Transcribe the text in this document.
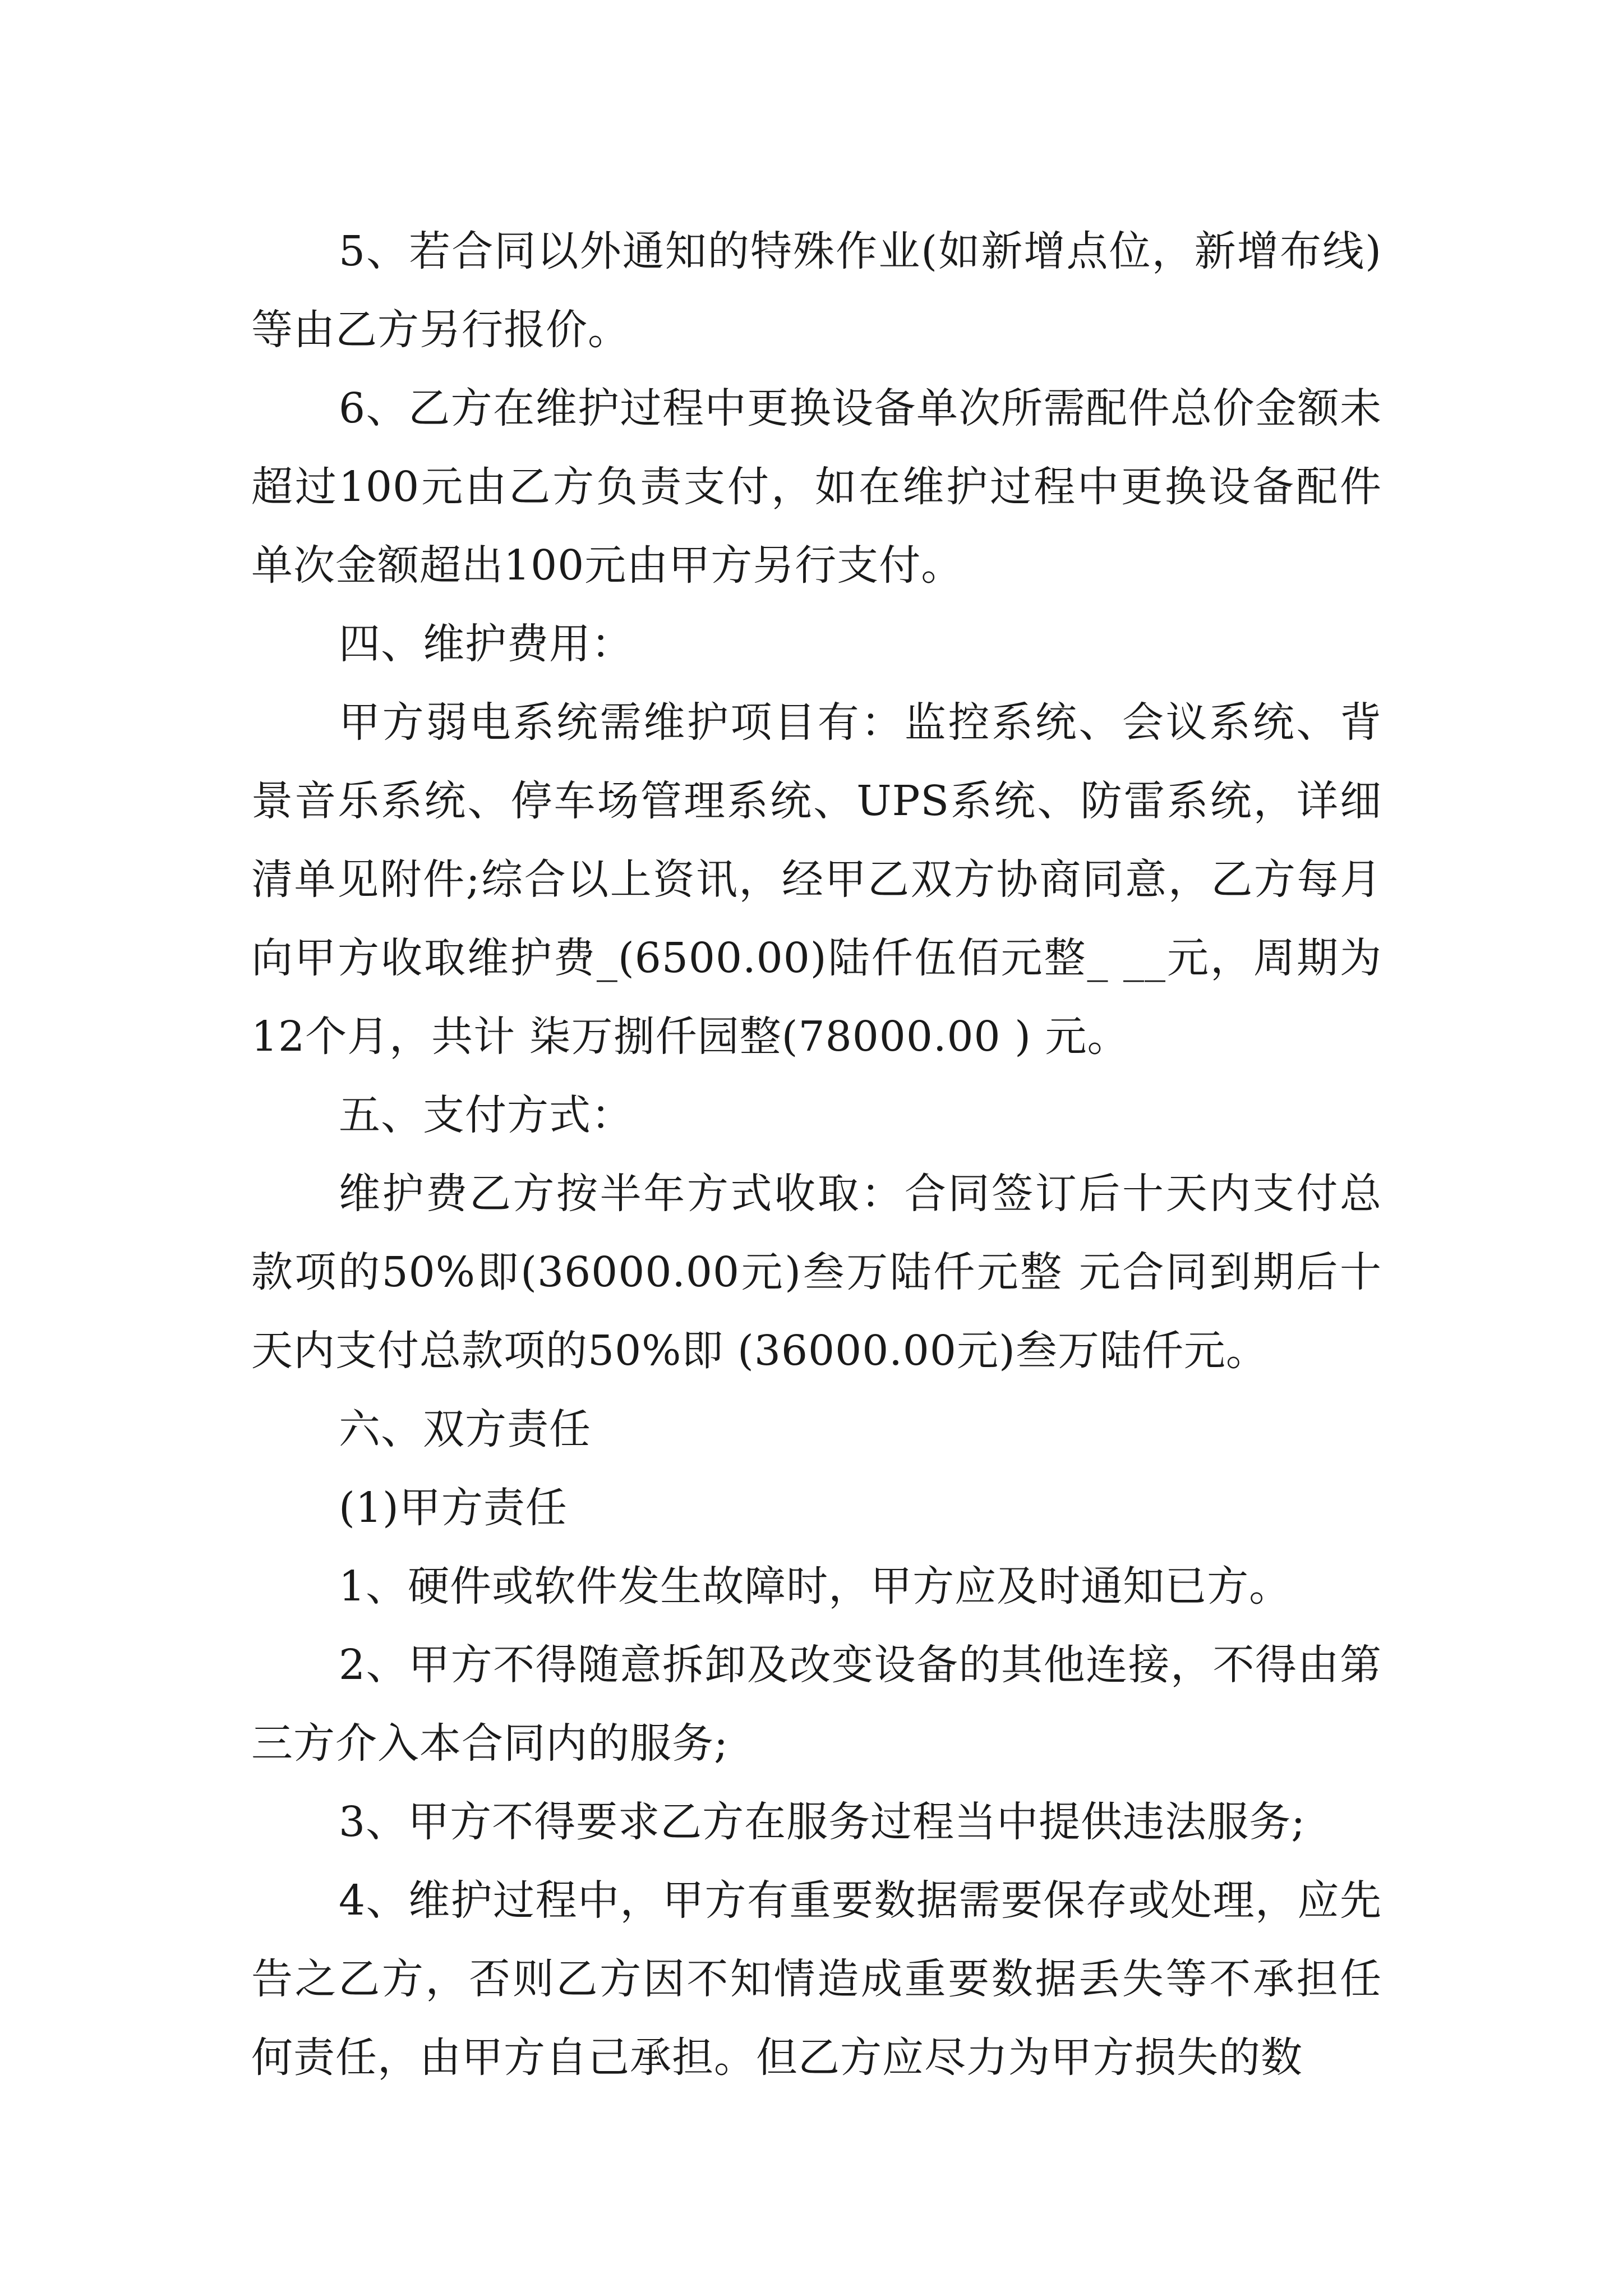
5、若合同以外通知的特殊作业(如新增点位，新增布线)等由乙方另行报价。

6、乙方在维护过程中更换设备单次所需配件总价金额未超过100元由乙方负责支付，如在维护过程中更换设备配件单次金额超出100元由甲方另行支付。

四、维护费用：

甲方弱电系统需维护项目有：监控系统、会议系统、背景音乐系统、停车场管理系统、UPS系统、防雷系统，详细清单见附件;综合以上资讯，经甲乙双方协商同意，乙方每月向甲方收取维护费_(6500.00)陆仟伍佰元整_ __元，周期为12个月，共计 柒万捌仟园整(78000.00 ) 元。

五、支付方式：

维护费乙方按半年方式收取：合同签订后十天内支付总款项的50%即(36000.00元)叁万陆仟元整 元合同到期后十天内支付总款项的50%即 (36000.00元)叁万陆仟元。

六、双方责任

(1)甲方责任

1、硬件或软件发生故障时，甲方应及时通知已方。

2、甲方不得随意拆卸及改变设备的其他连接，不得由第三方介入本合同内的服务;

3、甲方不得要求乙方在服务过程当中提供违法服务;

4、维护过程中，甲方有重要数据需要保存或处理，应先告之乙方，否则乙方因不知情造成重要数据丢失等不承担任何责任，由甲方自己承担。但乙方应尽力为甲方损失的数
